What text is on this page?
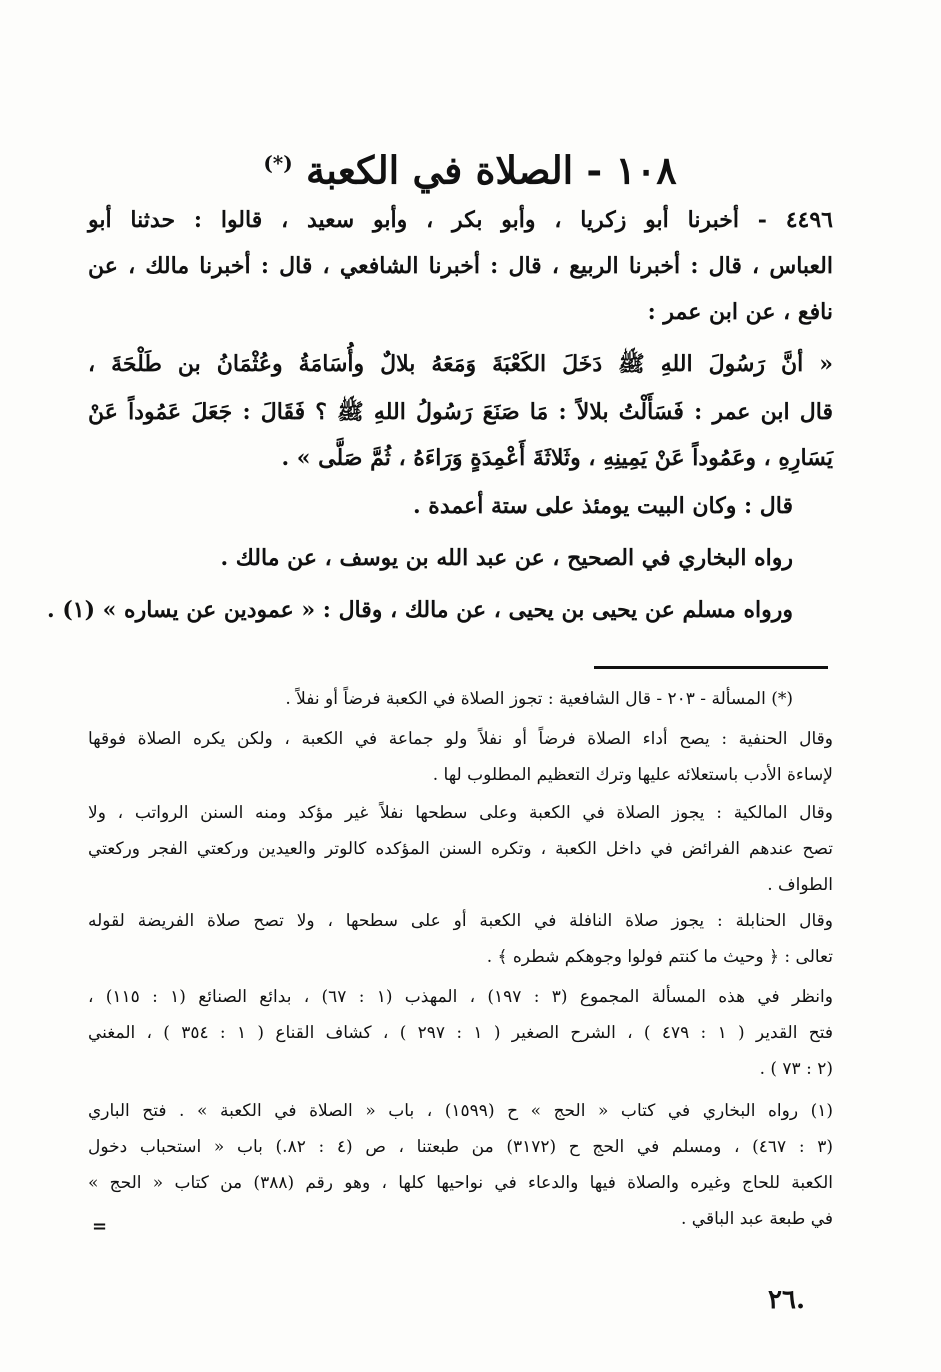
١٠٨ - الصلاة في الكعبة (*)
٤٤٩٦ - أخبرنا أبو زكريا ، وأبو بكر ، وأبو سعيد ، قالوا : حدثنا أبو
العباس ، قال : أخبرنا الربيع ، قال : أخبرنا الشافعي ، قال : أخبرنا مالك ، عن
نافع ، عن ابن عمر :
« أنَّ رَسُولَ اللهِ ﷺ دَخَلَ الكَعْبَةَ وَمَعَهُ بلالٌ وأُسَامَةُ وعُثْمَانُ بن طَلْحَةَ ،
قال ابن عمر : فَسَأَلْتُ بلالاً : مَا صَنَعَ رَسُولُ اللهِ ﷺ ؟ فَقَالَ : جَعَلَ عَمُوداً عَنْ
يَسَارِهِ ، وعَمُوداً عَنْ يَمِينِهِ ، وثَلاثَةَ أَعْمِدَةٍ وَرَاءَهُ ، ثُمَّ صَلَّى » .
قال : وكان البيت يومئذ على ستة أعمدة .
رواه البخاري في الصحيح ، عن عبد الله بن يوسف ، عن مالك .
ورواه مسلم عن يحيى بن يحيى ، عن مالك ، وقال : « عمودين عن يساره » (١) .
(*) المسألة - ٢٠٣ - قال الشافعية : تجوز الصلاة في الكعبة فرضاً أو نفلاً .
وقال الحنفية : يصح أداء الصلاة فرضاً أو نفلاً ولو جماعة في الكعبة ، ولكن يكره الصلاة فوقها
لإساءة الأدب باستعلائه عليها وترك التعظيم المطلوب لها .
وقال المالكية : يجوز الصلاة في الكعبة وعلى سطحها نفلاً غير مؤكد ومنه السنن الرواتب ، ولا
تصح عندهم الفرائض في داخل الكعبة ، وتكره السنن المؤكده كالوتر والعيدين وركعتي الفجر وركعتي
الطواف .
وقال الحنابلة : يجوز صلاة النافلة في الكعبة أو على سطحها ، ولا تصح صلاة الفريضة لقوله
تعالى : ﴿ وحيث ما كنتم فولوا وجوهكم شطره ﴾ .
وانظر في هذه المسألة المجموع (٣ : ١٩٧) ، المهذب (١ : ٦٧) ، بدائع الصنائع (١ : ١١٥) ،
فتح القدير ( ١ : ٤٧٩ ) ، الشرح الصغير ( ١ : ٢٩٧ ) ، كشاف القناع ( ١ : ٣٥٤ ) ، المغني
(٢ : ٧٣ ) .
(١) رواه البخاري في كتاب « الحج » ح (١٥٩٩) ، باب « الصلاة في الكعبة » . فتح الباري
(٣ : ٤٦٧) ، ومسلم في الحج ح (٣١٧٢) من طبعتنا ، ص (٤ : ٨٢.) باب « استحباب دخول
الكعبة للحاج وغيره والصلاة فيها والدعاء في نواحيها كلها ، وهو رقم (٣٨٨) من كتاب « الحج »
في طبعة عبد الباقي .
=
٢٦.
